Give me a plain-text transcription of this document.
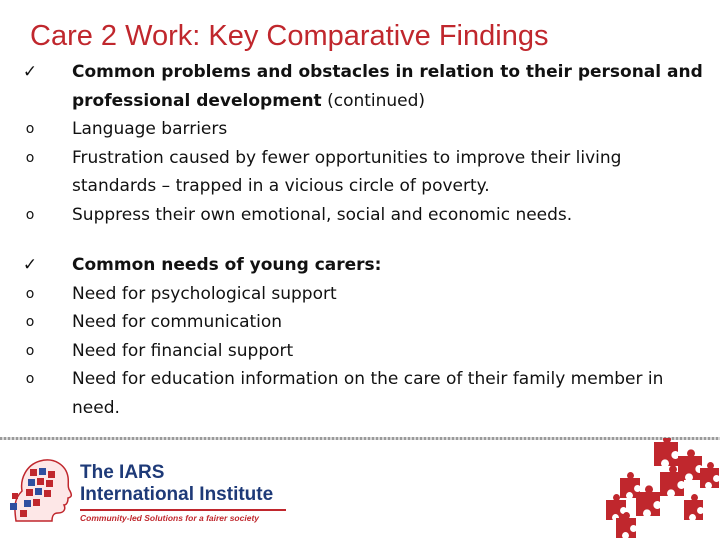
Care 2 Work: Key Comparative Findings
✓ Common problems and obstacles in relation to their personal and professional development (continued)
o	Language barriers
o	Frustration caused by fewer opportunities to improve their living standards – trapped in a vicious circle of poverty.
o	Suppress their own emotional, social and economic needs.
✓ Common needs of young carers:
o	Need for psychological support
o	Need for communication
o	Need for financial support
o	Need for education information on the care of their family member in need.
The IARS
International Institute
Community-led Solutions for a fairer society
